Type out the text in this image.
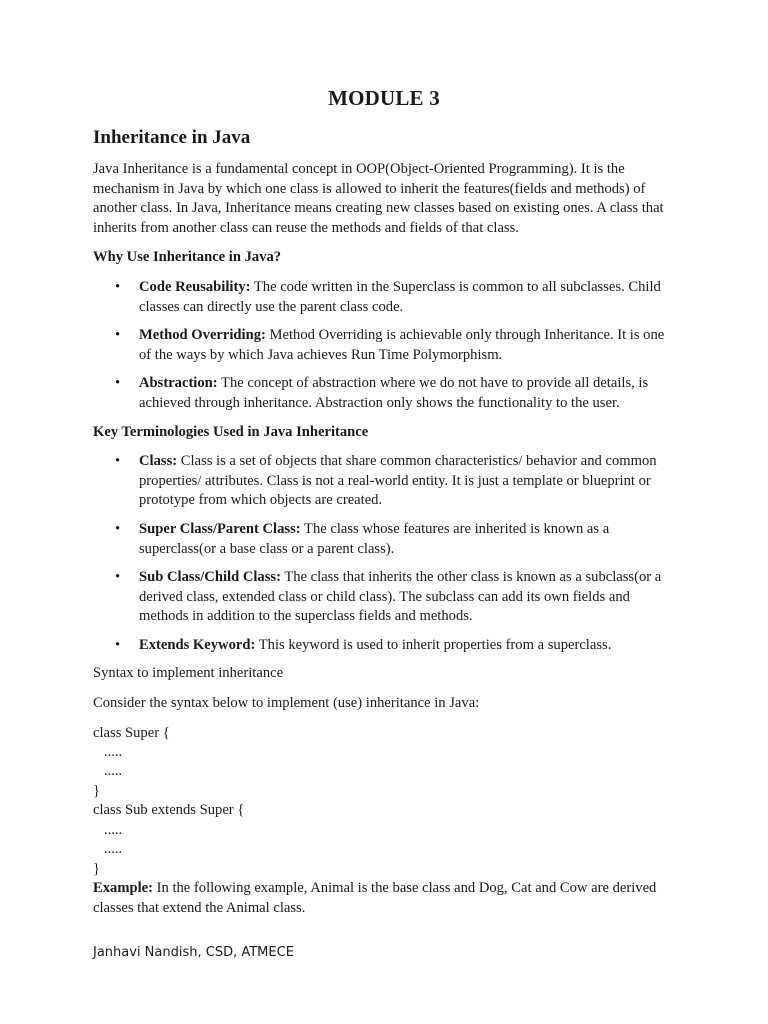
MODULE 3
Inheritance in Java

Java Inheritance is a fundamental concept in OOP(Object-Oriented Programming). It is the mechanism in Java by which one class is allowed to inherit the features(fields and methods) of another class. In Java, Inheritance means creating new classes based on existing ones. A class that inherits from another class can reuse the methods and fields of that class.

Why Use Inheritance in Java?
• Code Reusability: The code written in the Superclass is common to all subclasses. Child classes can directly use the parent class code.
• Method Overriding: Method Overriding is achievable only through Inheritance. It is one of the ways by which Java achieves Run Time Polymorphism.
• Abstraction: The concept of abstraction where we do not have to provide all details, is achieved through inheritance. Abstraction only shows the functionality to the user.
Key Terminologies Used in Java Inheritance
• Class: Class is a set of objects that share common characteristics/ behavior and common properties/ attributes. Class is not a real-world entity. It is just a template or blueprint or prototype from which objects are created.
• Super Class/Parent Class: The class whose features are inherited is known as a superclass(or a base class or a parent class).
• Sub Class/Child Class: The class that inherits the other class is known as a subclass(or a derived class, extended class or child class). The subclass can add its own fields and methods in addition to the superclass fields and methods.
• Extends Keyword: This keyword is used to inherit properties from a superclass.

Syntax to implement inheritance

Consider the syntax below to implement (use) inheritance in Java:

class Super {
.....
.....
}
class Sub extends Super {
.....
.....
}

Example: In the following example, Animal is the base class and Dog, Cat and Cow are derived classes that extend the Animal class.

Janhavi Nandish, CSD, ATMECE
